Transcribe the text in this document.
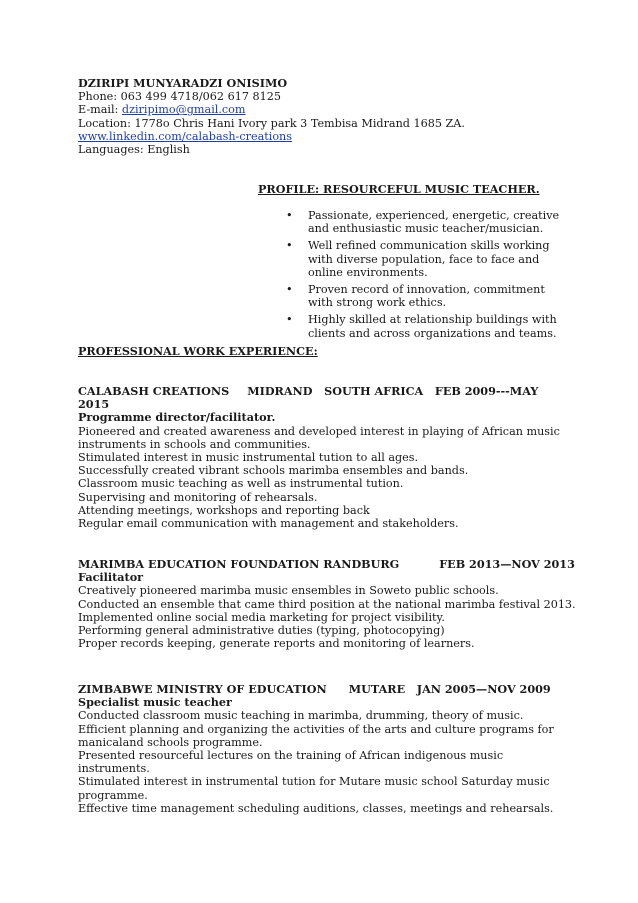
DZIRIPI MUNYARADZI ONISIMO
Phone: 063 499 4718/062 617 8125
E-mail: dziripimo@gmail.com
Location: 1778o Chris Hani Ivory park 3 Tembisa Midrand 1685 ZA.
www.linkedin.com/calabash-creations
Languages: English
PROFILE: RESOURCEFUL MUSIC TEACHER.
• Passionate, experienced, energetic, creative and enthusiastic music teacher/musician.
• Well refined communication skills working with diverse population, face to face and online environments.
• Proven record of innovation, commitment with strong work ethics.
• Highly skilled at relationship buildings with clients and across organizations and teams.
PROFESSIONAL WORK EXPERIENCE:
CALABASH CREATIONS MIDRAND   SOUTH AFRICA   FEB 2009---MAY
2015
Programme director/facilitator.
Pioneered and created awareness and developed interest in playing of African music instruments in schools and communities.
Stimulated interest in music instrumental tution to all ages.
Successfully created vibrant schools marimba ensembles and bands.
Classroom music teaching as well as instrumental tution.
Supervising and monitoring of rehearsals.
Attending meetings, workshops and reporting back
Regular email communication with management and stakeholders.
MARIMBA EDUCATION FOUNDATION RANDBURG	FEB 2013—NOV 2013
Facilitator
Creatively pioneered marimba music ensembles in Soweto public schools.
Conducted an ensemble that came third position at the national marimba festival 2013.
Implemented online social media marketing for project visibility.
Performing general administrative duties (typing, photocopying)
Proper records keeping, generate reports and monitoring of learners.
ZIMBABWE MINISTRY OF EDUCATION MUTARE   JAN 2005—NOV 2009
Specialist music teacher
Conducted classroom music teaching in marimba, drumming, theory of music.
Efficient planning and organizing the activities of the arts and culture programs for manicaland schools programme.
Presented resourceful lectures on the training of African indigenous music instruments.
Stimulated interest in instrumental tution for Mutare music school Saturday music programme.
Effective time management scheduling auditions, classes, meetings and rehearsals.
